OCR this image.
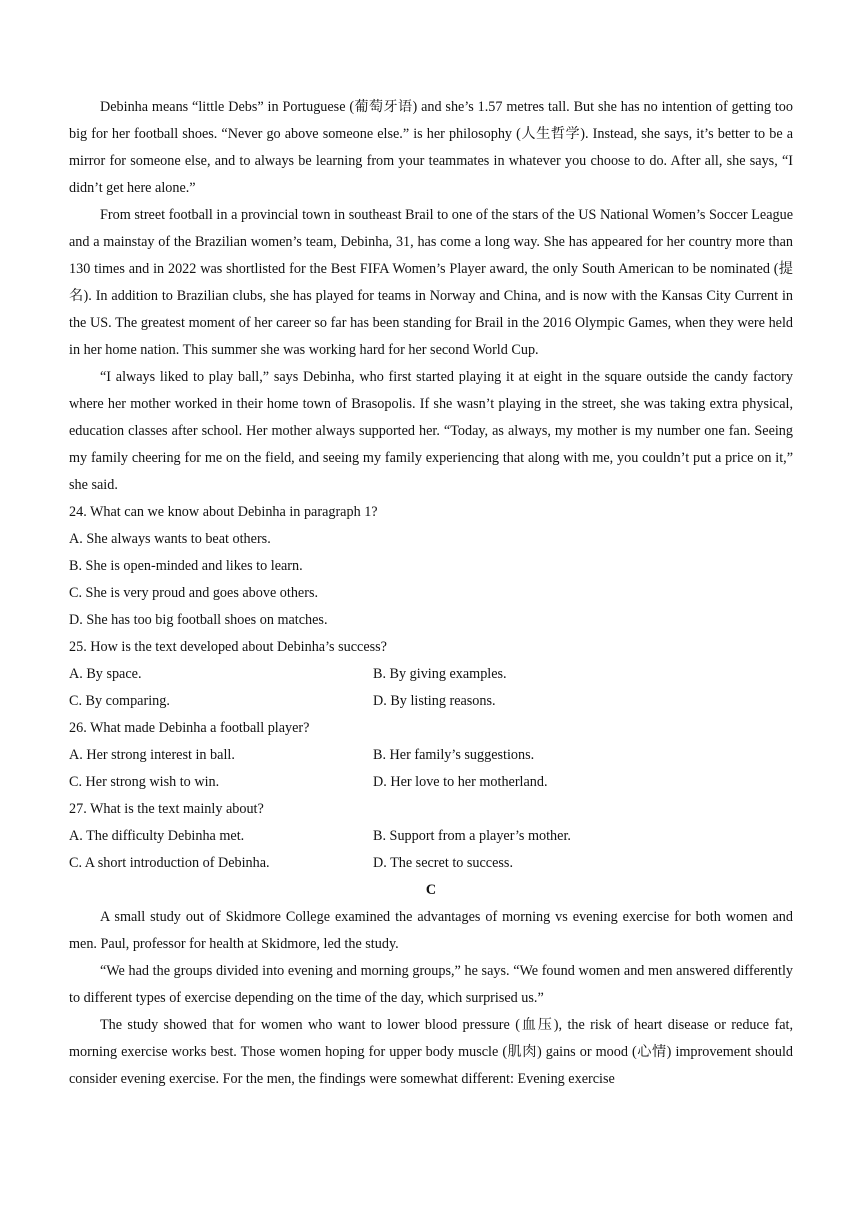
Debinha means “little Debs” in Portuguese (葡萄牙语) and she’s 1.57 metres tall. But she has no intention of getting too big for her football shoes. “Never go above someone else.” is her philosophy (人生哲学). Instead, she says, it’s better to be a mirror for someone else, and to always be learning from your teammates in whatever you choose to do. After all, she says, “I didn’t get here alone.”

From street football in a provincial town in southeast Brail to one of the stars of the US National Women’s Soccer League and a mainstay of the Brazilian women’s team, Debinha, 31, has come a long way. She has appeared for her country more than 130 times and in 2022 was shortlisted for the Best FIFA Women’s Player award, the only South American to be nominated (提名). In addition to Brazilian clubs, she has played for teams in Norway and China, and is now with the Kansas City Current in the US. The greatest moment of her career so far has been standing for Brail in the 2016 Olympic Games, when they were held in her home nation. This summer she was working hard for her second World Cup.

“I always liked to play ball,” says Debinha, who first started playing it at eight in the square outside the candy factory where her mother worked in their home town of Brasopolis. If she wasn’t playing in the street, she was taking extra physical, education classes after school. Her mother always supported her. “Today, as always, my mother is my number one fan. Seeing my family cheering for me on the field, and seeing my family experiencing that along with me, you couldn’t put a price on it,” she said.

24. What can we know about Debinha in paragraph 1?

A. She always wants to beat others.

B. She is open-minded and likes to learn.

C. She is very proud and goes above others.

D. She has too big football shoes on matches.

25. How is the text developed about Debinha’s success?

A. By space.	B. By giving examples.
C. By comparing.	D. By listing reasons.

26. What made Debinha a football player?

A. Her strong interest in ball.	B. Her family’s suggestions.
C. Her strong wish to win.	D. Her love to her motherland.

27. What is the text mainly about?

A. The difficulty Debinha met.	B. Support from a player’s mother.
C. A short introduction of Debinha.	D. The secret to success.

C

A small study out of Skidmore College examined the advantages of morning vs evening exercise for both women and men. Paul, professor for health at Skidmore, led the study.

“We had the groups divided into evening and morning groups,” he says. “We found women and men answered differently to different types of exercise depending on the time of the day, which surprised us.”

The study showed that for women who want to lower blood pressure (血压), the risk of heart disease or reduce fat, morning exercise works best. Those women hoping for upper body muscle (肌肉) gains or mood (心情) improvement should consider evening exercise. For the men, the findings were somewhat different: Evening exercise
